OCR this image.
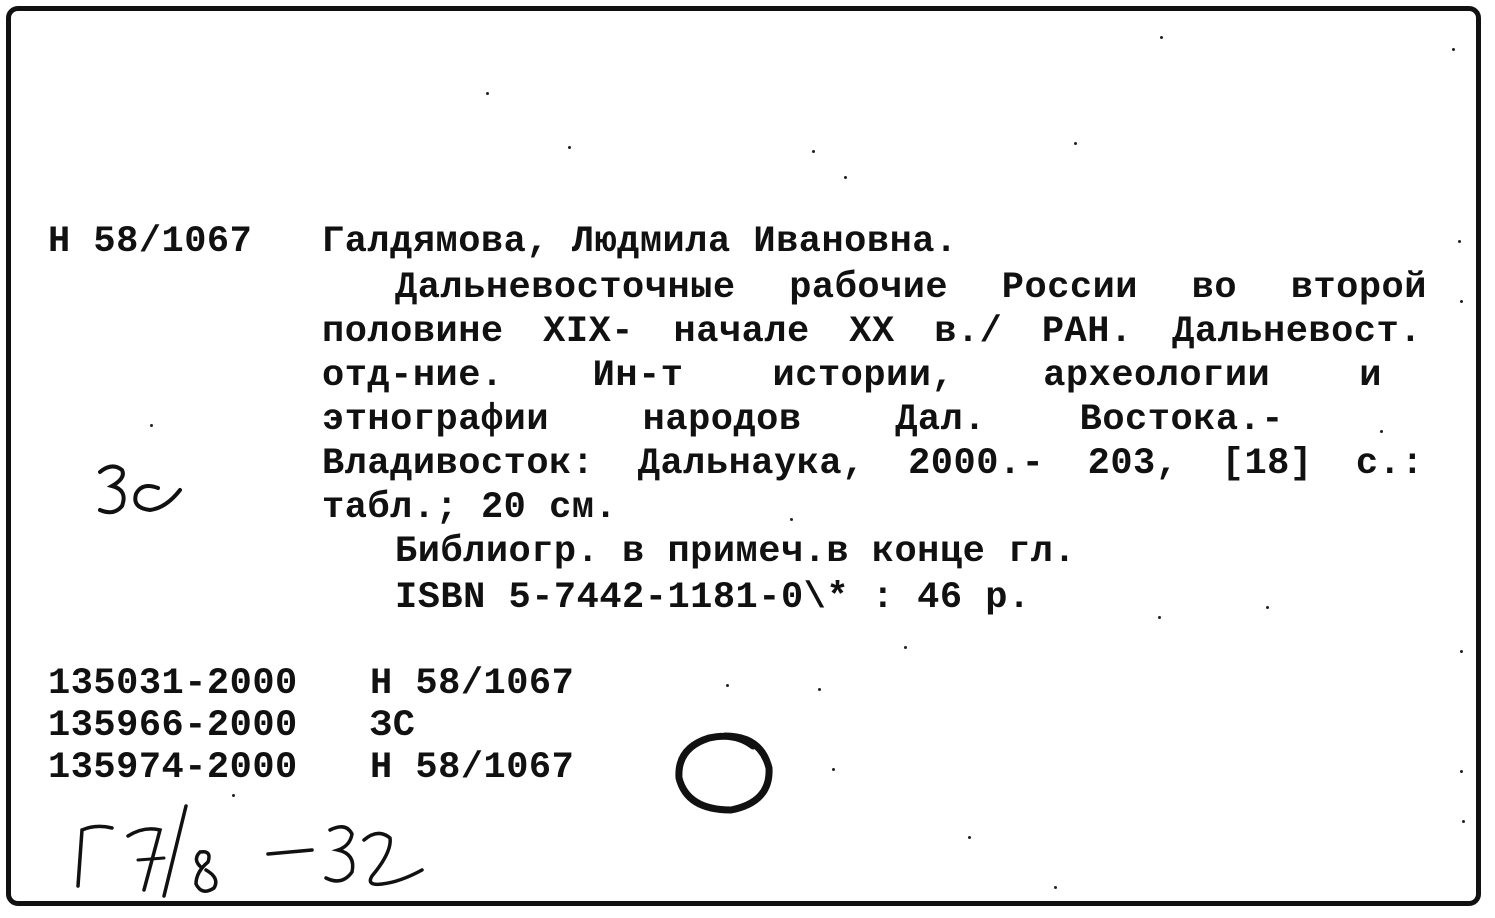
Н 58/1067 Галдямова, Людмила Ивановна.
Дальневосточные рабочие России во второй
половине XIX- начале XX в./ РАН. Дальневост.
отд-ние. Ин-т истории, археологии и
этнографии	народов	Дал.	Востока.-
Владивосток: Дальнаука, 2000.- 203, [18] с.:
табл.; 20 см.
Библиогр. в примеч.в конце гл.
ISBN 5-7442-1181-0\* : 46 р.
135031-2000 Н 58/1067
135966-2000 ЗС
135974-2000 Н 58/1067
